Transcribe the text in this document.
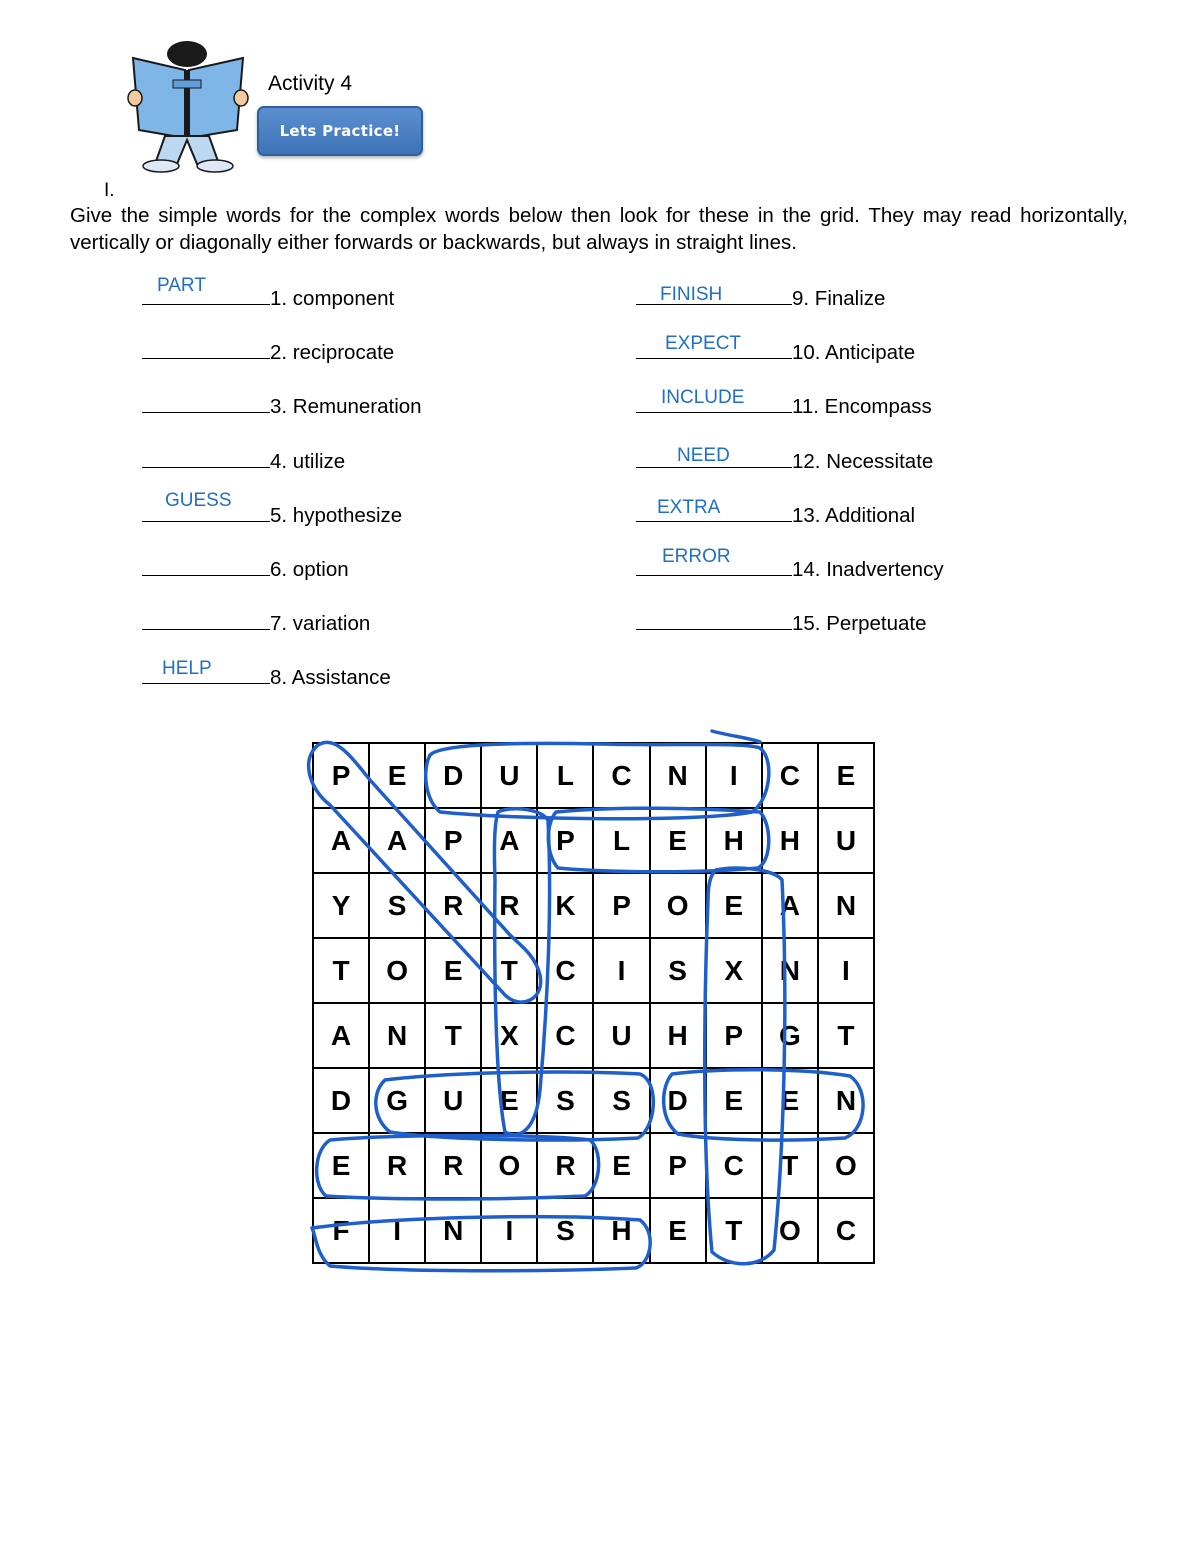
Activity 4
Lets Practice!
I.
Give the simple words for the complex words below then look for these in the grid. They may read horizontally, vertically or diagonally either forwards or backwards, but always in straight lines.
1. component
2. reciprocate
3. Remuneration
4. utilize
5. hypothesize
6. option
7. variation
8. Assistance
9. Finalize
10. Anticipate
11. Encompass
12. Necessitate
13. Additional
14. Inadvertency
15. Perpetuate
PART
GUESS
HELP
FINISH
EXPECT
INCLUDE
NEED
EXTRA
ERROR
P	E	D	U	L	C	N	I	C	E
A	A	P	A	P	L	E	H	H	U
Y	S	R	R	K	P	O	E	A	N
T	O	E	T	C	I	S	X	N	I
A	N	T	X	C	U	H	P	G	T
D	G	U	E	S	S	D	E	E	N
E	R	R	O	R	E	P	C	T	O
F	I	N	I	S	H	E	T	O	C
